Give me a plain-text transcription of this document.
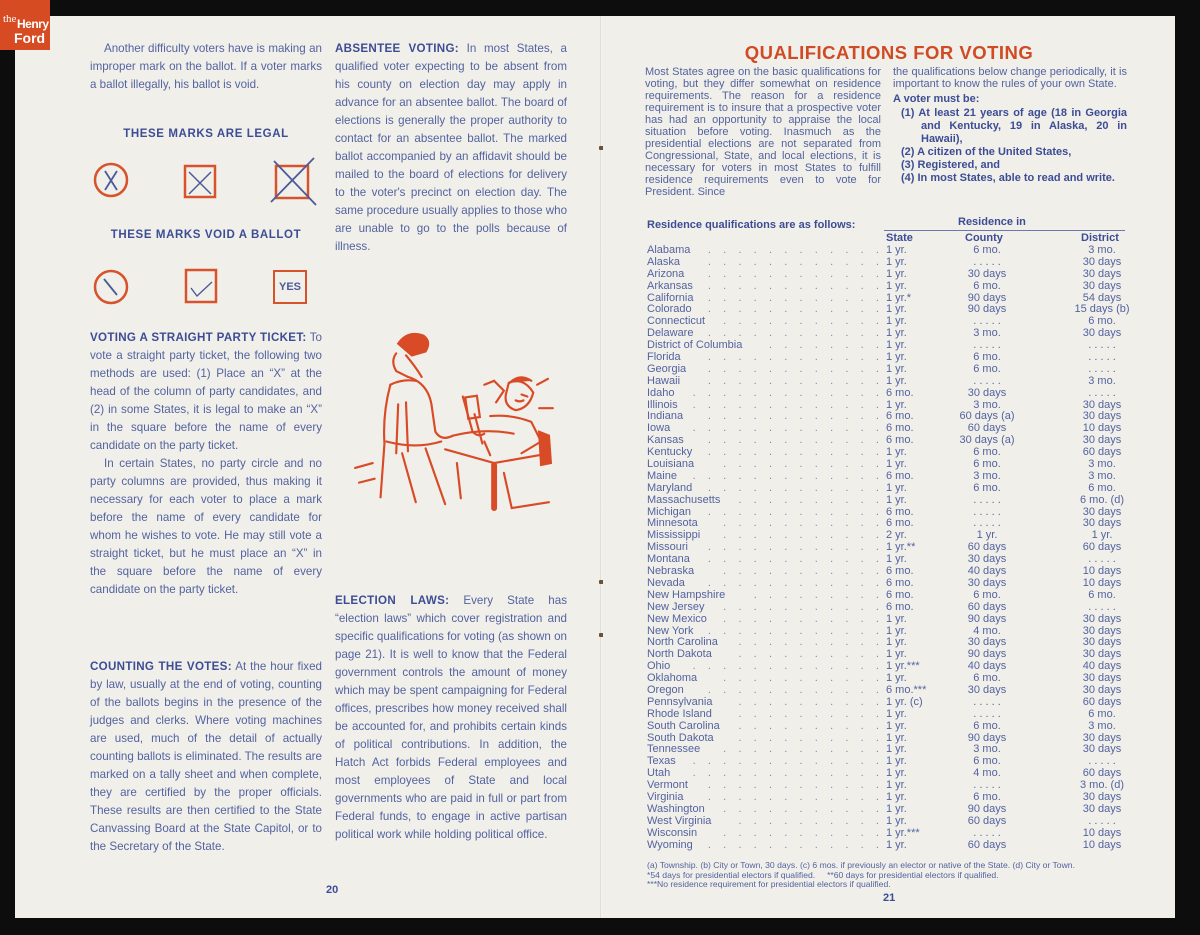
the Henry
Ford

Another difficulty voters have is making an improper mark on the ballot. If a voter marks a ballot illegally, his ballot is void.

THESE MARKS ARE LEGAL
THESE MARKS VOID A BALLOT
YES

VOTING A STRAIGHT PARTY TICKET: To vote a straight party ticket, the following two methods are used: (1) Place an “X” at the head of the column of party candidates, and (2) in some States, it is legal to make an “X” in the square before the name of every candidate on the party ticket.

In certain States, no party circle and no party columns are provided, thus making it necessary for each voter to place a mark before the name of every candidate for whom he wishes to vote. He may still vote a straight ticket, but he must place an “X” in the square before the name of every candidate on the party ticket.

COUNTING THE VOTES: At the hour fixed by law, usually at the end of voting, counting of the ballots begins in the presence of the judges and clerks. Where voting machines are used, much of the detail of actually counting ballots is eliminated. The results are marked on a tally sheet and when complete, they are certified by the proper officials. These results are then certified to the State Canvassing Board at the State Capitol, or to the Secretary of the State.

ABSENTEE VOTING: In most States, a qualified voter expecting to be absent from his county on election day may apply in advance for an absentee ballot. The board of elections is generally the proper authority to contact for an absentee ballot. The marked ballot accompanied by an affidavit should be mailed to the board of elections for delivery to the voter's precinct on election day. The same procedure usually applies to those who are unable to go to the polls because of illness.

ELECTION LAWS: Every State has “election laws” which cover registration and specific qualifications for voting (as shown on page 21). It is well to know that the Federal government controls the amount of money which may be spent campaigning for Federal offices, prescribes how money received shall be accounted for, and prohibits certain kinds of political contributions. In addition, the Hatch Act forbids Federal employees and most employees of State and local governments who are paid in full or part from Federal funds, to engage in active partisan political work while holding political office.

20
QUALIFICATIONS FOR VOTING
Most States agree on the basic qualifications for voting, but they differ somewhat on residence requirements. The reason for a residence requirement is to insure that a prospective voter has had an opportunity to appraise the local situation before voting. Inasmuch as the presidential elections are not separated from Congressional, State, and local elections, it is necessary for voters in most States to fulfill residence requirements even to vote for President. Since

the qualifications below change periodically, it is important to know the rules of your own State.

A voter must be:

(1) At least 21 years of age (18 in Georgia and Kentucky, 19 in Alaska, 20 in Hawaii),
(2) A citizen of the United States,
(3) Registered, and
(4) In most States, able to read and write.
Residence qualifications are as follows:	Residence in
State	County	District
Alabama	.    .    .    .    .    .    .    .    .    .    .    . 1 yr.	6 mo.	3 mo.
Alaska	.    .    .    .    .    .    .    .    .    .    .    . 1 yr.	. . . . .	30 days
Arizona	.    .    .    .    .    .    .    .    .    .    .    . 1 yr.	30 days	30 days
Arkansas	.    .    .    .    .    .    .    .    .    .    .    . 1 yr.	6 mo.	30 days
California	.    .    .    .    .    .    .    .    .    .    .    . 1 yr.*	90 days	54 days
Colorado	.    .    .    .    .    .    .    .    .    .    .    . 1 yr.	90 days	15 days (b)
Connecticut	.    .    .    .    .    .    .    .    .    .    . 1 yr.	. . . . .	6 mo.
Delaware	.    .    .    .    .    .    .    .    .    .    .    . 1 yr.	3 mo.	30 days
District of Columbia	.    .    .    .    .    .    .    . 1 yr.	. . . . .	. . . . .
Florida	.    .    .    .    .    .    .    .    .    .    .    . 1 yr.	6 mo.	. . . . .
Georgia	.    .    .    .    .    .    .    .    .    .    .    . 1 yr.	6 mo.	. . . . .
Hawaii	.    .    .    .    .    .    .    .    .    .    .    . 1 yr.	. . . . .	3 mo.
Idaho	.    .    .    .    .    .    .    .    .    .    .    .    . 6 mo.	30 days	. . . . .
Illinois	.    .    .    .    .    .    .    .    .    .    .    .    . 1 yr.	3 mo.	30 days
Indiana	.    .    .    .    .    .    .    .    .    .    .    . 6 mo.	60 days (a)	30 days
Iowa	.    .    .    .    .    .    .    .    .    .    .    .    . 6 mo.	60 days	10 days
Kansas	.    .    .    .    .    .    .    .    .    .    .    . 6 mo.	30 days (a)	30 days
Kentucky	.    .    .    .    .    .    .    .    .    .    .    . 1 yr.	6 mo.	60 days
Louisiana	.    .    .    .    .    .    .    .    .    .    . 1 yr.	6 mo.	3 mo.
Maine	.    .    .    .    .    .    .    .    .    .    .    .    . 6 mo.	3 mo.	3 mo.
Maryland	.    .    .    .    .    .    .    .    .    .    .    . 1 yr.	6 mo.	6 mo.
Massachusetts	.    .    .    .    .    .    .    .    .    . 1 yr.	. . . . .	6 mo. (d)
Michigan	.    .    .    .    .    .    .    .    .    .    .    . 6 mo.	. . . . .	30 days
Minnesota	.    .    .    .    .    .    .    .    .    .    . 6 mo.	. . . . .	30 days
Mississippi	.    .    .    .    .    .    .    .    .    .    . 2 yr.	1 yr.	1 yr.
Missouri	.    .    .    .    .    .    .    .    .    .    .    . 1 yr.**	60 days	60 days
Montana	.    .    .    .    .    .    .    .    .    .    .    . 1 yr.	30 days	. . . . .
Nebraska	.    .    .    .    .    .    .    .    .    .    . 6 mo.	40 days	10 days
Nevada	.    .    .    .    .    .    .    .    .    .    .    . 6 mo.	30 days	10 days
New Hampshire	.    .    .    .    .    .    .    .    . 6 mo.	6 mo.	6 mo.
New Jersey	.    .    .    .    .    .    .    .    .    .    . 6 mo.	60 days	. . . . .
New Mexico	.    .    .    .    .    .    .    .    .    .    . 1 yr.	90 days	30 days
New York	.    .    .    .    .    .    .    .    .    .    .    . 1 yr.	4 mo.	30 days
North Carolina	.    .    .    .    .    .    .    .    .    . 1 yr.	30 days	30 days
North Dakota	.    .    .    .    .    .    .    .    .    . 1 yr.	90 days	30 days
Ohio	.    .    .    .    .    .    .    .    .    .    .    .    . 1 yr.***	40 days	40 days
Oklahoma	.    .    .    .    .    .    .    .    .    .    . 1 yr.	6 mo.	30 days
Oregon	.    .    .    .    .    .    .    .    .    .    .    . 6 mo.***	30 days	30 days
Pennsylvania	.    .    .    .    .    .    .    .    .    . 1 yr. (c)	. . . . .	60 days
Rhode Island	.    .    .    .    .    .    .    .    .    . 1 yr.	. . . . .	6 mo.
South Carolina	.    .    .    .    .    .    .    .    .    . 1 yr.	6 mo.	3 mo.
South Dakota	.    .    .    .    .    .    .    .    .    . 1 yr.	90 days	30 days
Tennessee	.    .    .    .    .    .    .    .    .    .    . 1 yr.	3 mo.	30 days
Texas	.    .    .    .    .    .    .    .    .    .    .    .    . 1 yr.	6 mo.	. . . . .
Utah	.    .    .    .    .    .    .    .    .    .    .    .    . 1 yr.	4 mo.	60 days
Vermont	.    .    .    .    .    .    .    .    .    .    .    . 1 yr.	. . . . .	3 mo. (d)
Virginia	.    .    .    .    .    .    .    .    .    .    .    . 1 yr.	6 mo.	30 days
Washington	.    .    .    .    .    .    .    .    .    .    . 1 yr.	90 days	30 days
West Virginia	.    .    .    .    .    .    .    .    .    . 1 yr.	60 days	. . . . .
Wisconsin	.    .    .    .    .    .    .    .    .    .    . 1 yr.***	. . . . .	10 days
Wyoming	.    .    .    .    .    .    .    .    .    .    .    . 1 yr.	60 days	10 days
(a) Township. (b) City or Town, 30 days. (c) 6 mos. if previously an elector or native of the State. (d) City or Town.
*54 days for presidential electors if qualified.     **60 days for presidential electors if qualified.
***No residence requirement for presidential electors if qualified.
21
